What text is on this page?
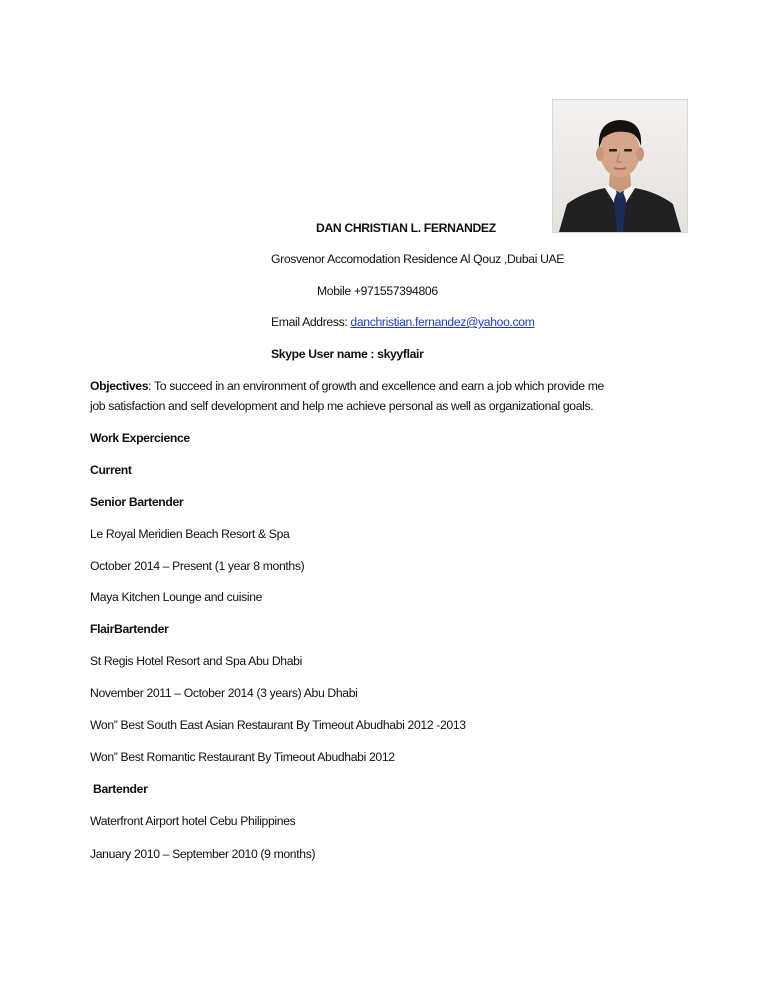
DAN CHRISTIAN L. FERNANDEZ
Grosvenor Accomodation Residence Al Qouz ,Dubai UAE
Mobile +971557394806
Email Address: danchristian.fernandez@yahoo.com
Skype User name : skyyflair
Objectives: To succeed in an environment of growth and excellence and earn a job which provide me
job satisfaction and self development and help me achieve personal as well as organizational goals.
Work Expercience
Current
Senior Bartender
Le Royal Meridien Beach Resort & Spa
October 2014 – Present (1 year 8 months)
Maya Kitchen Lounge and cuisine
FlairBartender
St Regis Hotel Resort and Spa Abu Dhabi
November 2011 – October 2014 (3 years) Abu Dhabi
Won” Best South East Asian Restaurant By Timeout Abudhabi 2012 -2013
Won” Best Romantic Restaurant By Timeout Abudhabi 2012
Bartender
Waterfront Airport hotel Cebu Philippines
January 2010 – September 2010 (9 months)
